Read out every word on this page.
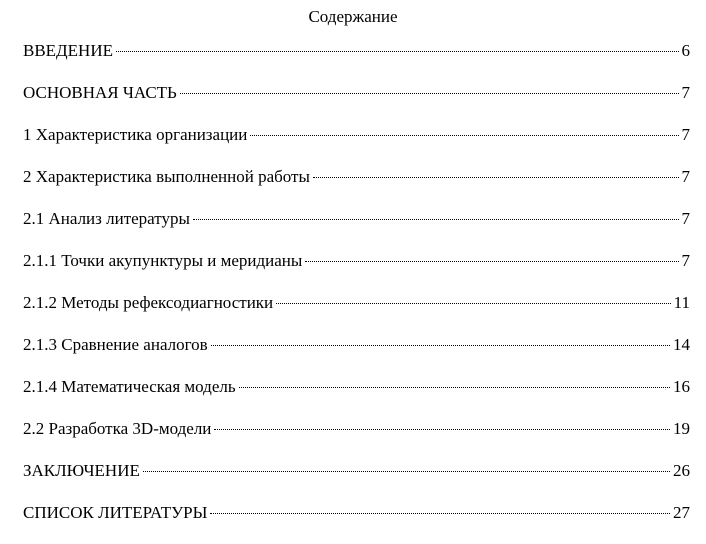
Содержание
ВВЕДЕНИЕ	6
ОСНОВНАЯ ЧАСТЬ	7
1 Характеристика организации	7
2 Характеристика выполненной работы	7
2.1 Анализ литературы	7
2.1.1 Точки акупунктуры и меридианы	7
2.1.2 Методы рефексодиагностики	11
2.1.3 Сравнение аналогов	14
2.1.4 Математическая модель	16
2.2 Разработка 3D-модели	19
ЗАКЛЮЧЕНИЕ	26
СПИСОК ЛИТЕРАТУРЫ	27
